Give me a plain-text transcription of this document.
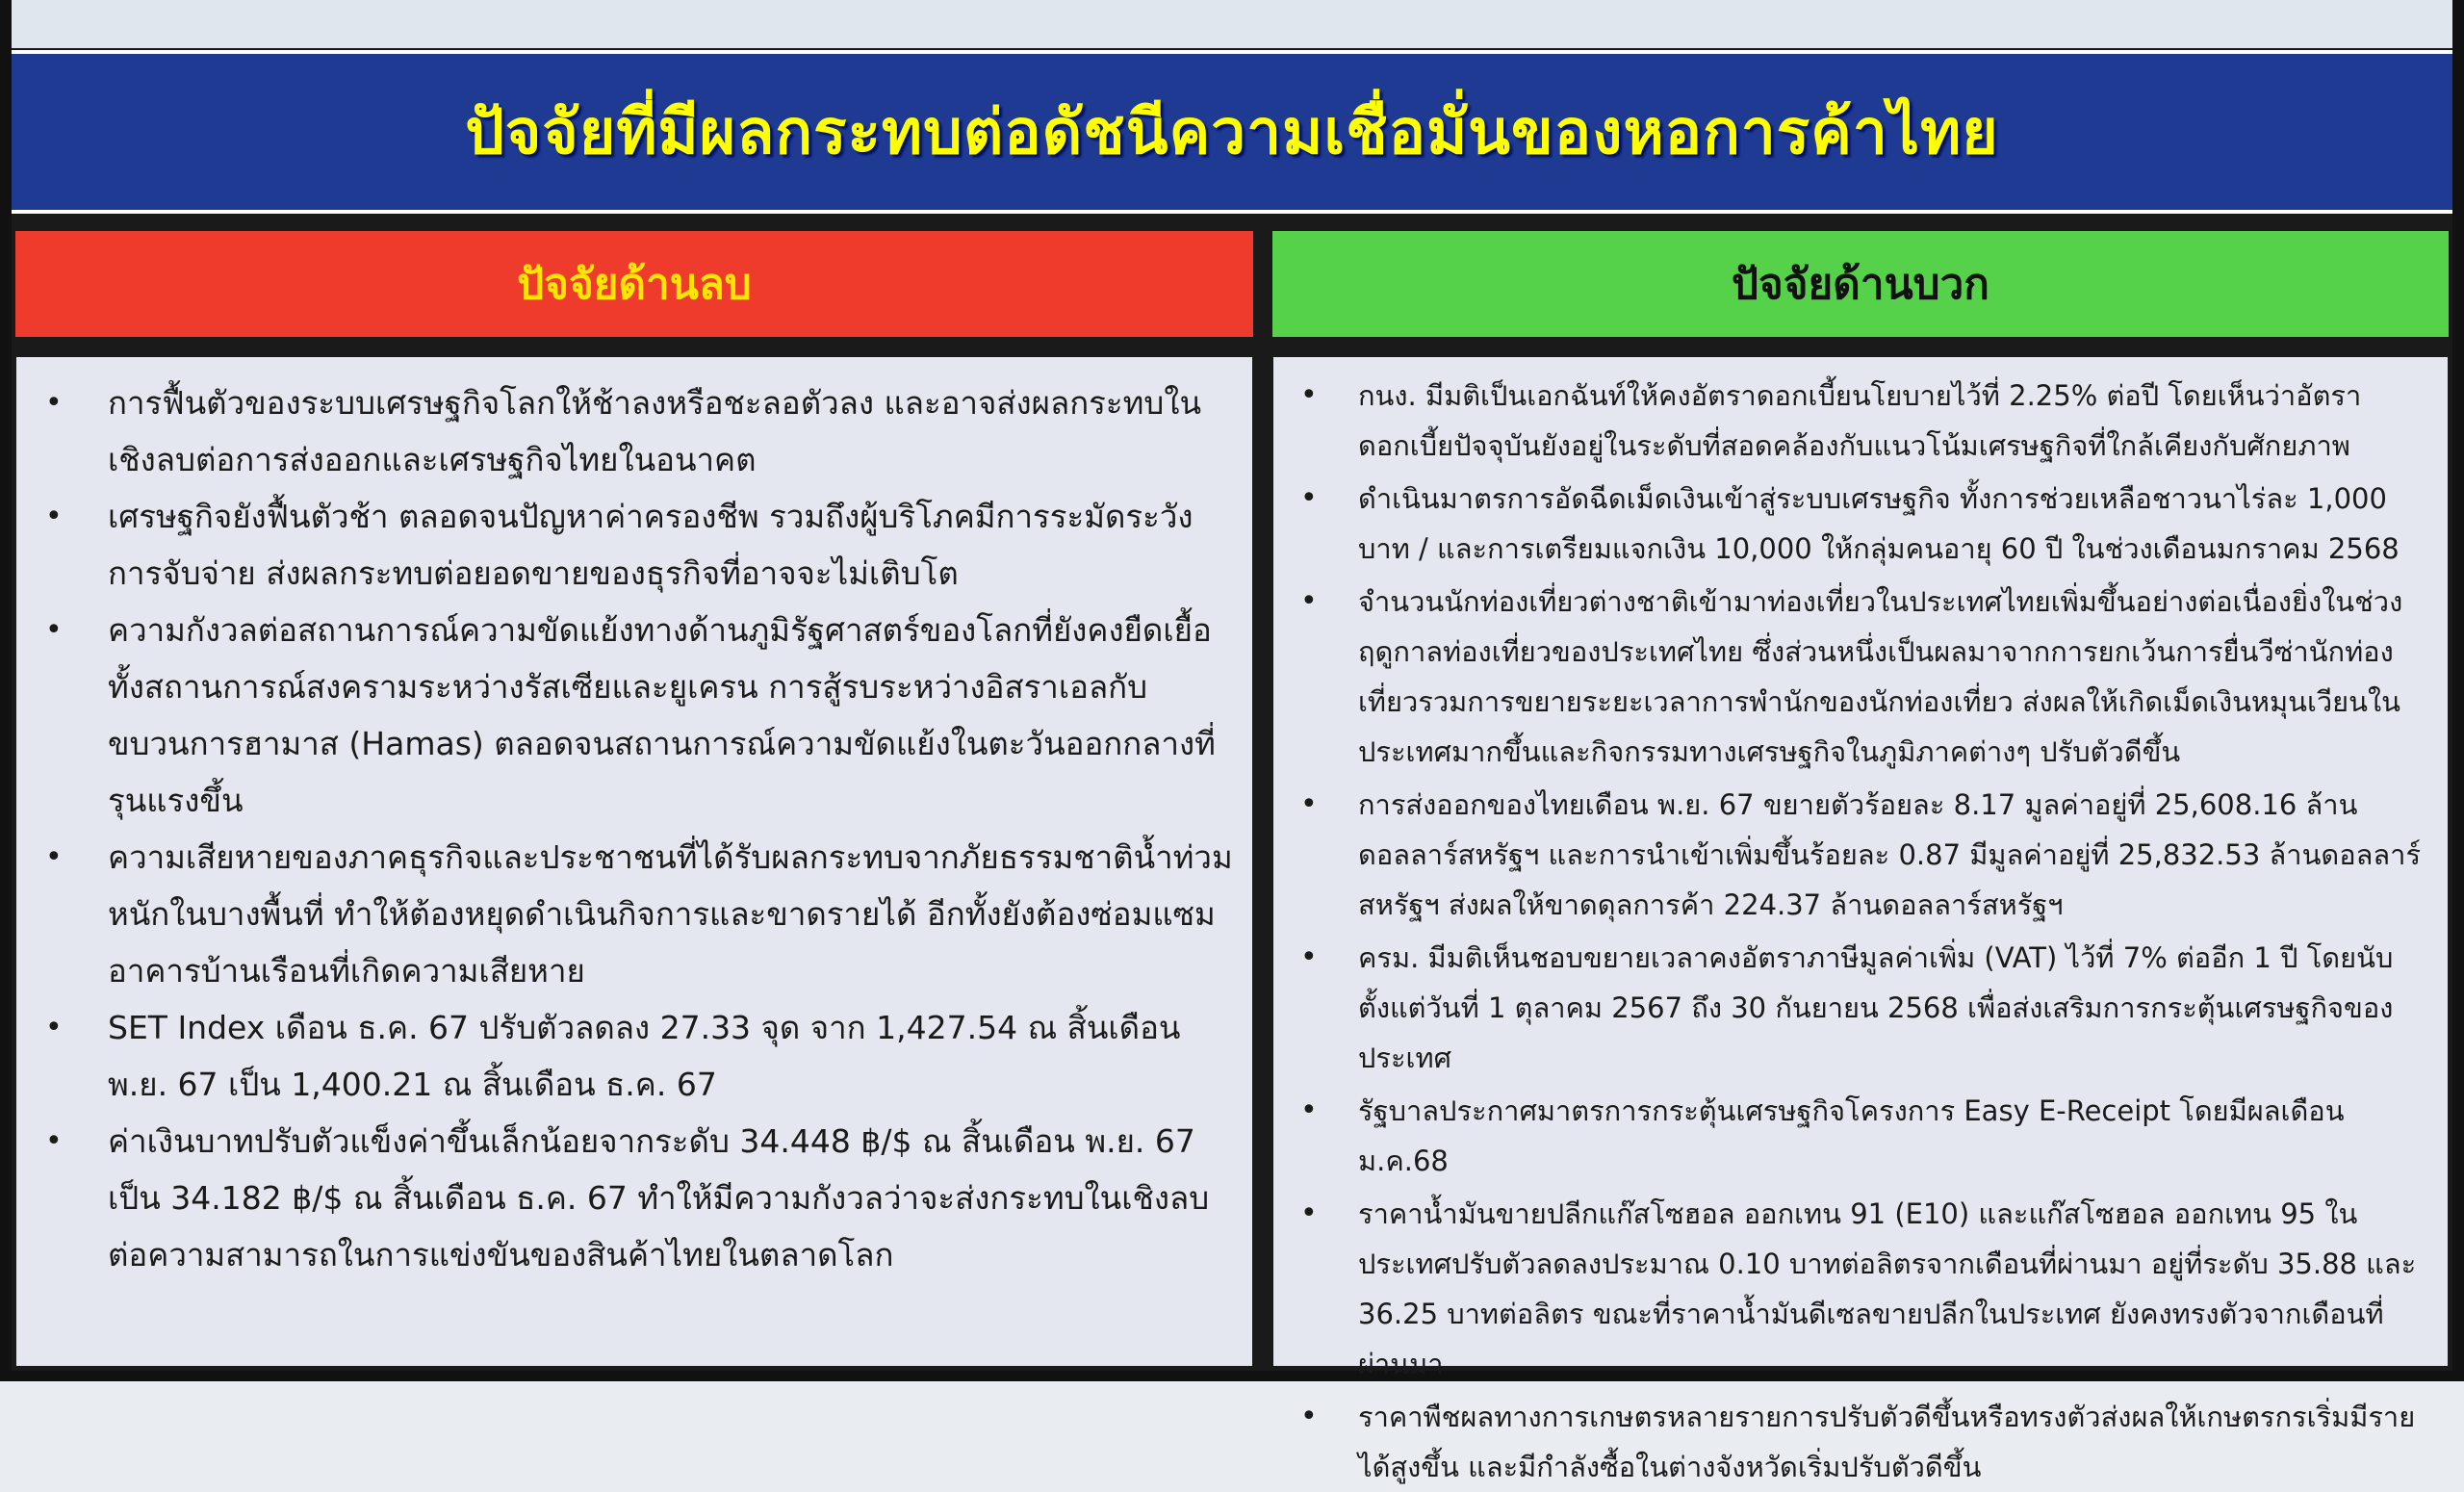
ปัจจัยที่มีผลกระทบต่อดัชนีความเชื่อมั่นของหอการค้าไทย
ปัจจัยด้านลบ	ปัจจัยด้านบวก
• การฟื้นตัวของระบบเศรษฐกิจโลกให้ช้าลงหรือชะลอตัวลง และอาจส่งผลกระทบในเชิงลบต่อการส่งออกและเศรษฐกิจไทยในอนาคต
• เศรษฐกิจยังฟื้นตัวช้า ตลอดจนปัญหาค่าครองชีพ รวมถึงผู้บริโภคมีการระมัดระวังการจับจ่าย ส่งผลกระทบต่อยอดขายของธุรกิจที่อาจจะไม่เติบโต
• ความกังวลต่อสถานการณ์ความขัดแย้งทางด้านภูมิรัฐศาสตร์ของโลกที่ยังคงยืดเยื้อ ทั้งสถานการณ์สงครามระหว่างรัสเซียและยูเครน การสู้รบระหว่างอิสราเอลกับขบวนการฮามาส (Hamas) ตลอดจนสถานการณ์ความขัดแย้งในตะวันออกกลางที่รุนแรงขึ้น
• ความเสียหายของภาคธุรกิจและประชาชนที่ได้รับผลกระทบจากภัยธรรมชาติน้ำท่วมหนักในบางพื้นที่ ทำให้ต้องหยุดดำเนินกิจการและขาดรายได้ อีกทั้งยังต้องซ่อมแซมอาคารบ้านเรือนที่เกิดความเสียหาย
• SET Index เดือน ธ.ค. 67 ปรับตัวลดลง 27.33 จุด จาก 1,427.54 ณ สิ้นเดือน พ.ย. 67 เป็น 1,400.21 ณ สิ้นเดือน ธ.ค. 67
• ค่าเงินบาทปรับตัวแข็งค่าขึ้นเล็กน้อยจากระดับ 34.448 ฿/$ ณ สิ้นเดือน พ.ย. 67 เป็น 34.182 ฿/$ ณ สิ้นเดือน ธ.ค. 67 ทำให้มีความกังวลว่าจะส่งกระทบในเชิงลบต่อความสามารถในการแข่งขันของสินค้าไทยในตลาดโลก
• กนง. มีมติเป็นเอกฉันท์ให้คงอัตราดอกเบี้ยนโยบายไว้ที่ 2.25% ต่อปี โดยเห็นว่าอัตราดอกเบี้ยปัจจุบันยังอยู่ในระดับที่สอดคล้องกับแนวโน้มเศรษฐกิจที่ใกล้เคียงกับศักยภาพ
• ดำเนินมาตรการอัดฉีดเม็ดเงินเข้าสู่ระบบเศรษฐกิจ ทั้งการช่วยเหลือชาวนาไร่ละ 1,000 บาท / และการเตรียมแจกเงิน 10,000 ให้กลุ่มคนอายุ 60 ปี ในช่วงเดือนมกราคม 2568
• จำนวนนักท่องเที่ยวต่างชาติเข้ามาท่องเที่ยวในประเทศไทยเพิ่มขึ้นอย่างต่อเนื่องยิ่งในช่วงฤดูกาลท่องเที่ยวของประเทศไทย ซึ่งส่วนหนึ่งเป็นผลมาจากการยกเว้นการยื่นวีซ่านักท่องเที่ยวรวมการขยายระยะเวลาการพำนักของนักท่องเที่ยว ส่งผลให้เกิดเม็ดเงินหมุนเวียนในประเทศมากขึ้นและกิจกรรมทางเศรษฐกิจในภูมิภาคต่างๆ ปรับตัวดีขึ้น
• การส่งออกของไทยเดือน พ.ย. 67 ขยายตัวร้อยละ 8.17 มูลค่าอยู่ที่ 25,608.16 ล้านดอลลาร์สหรัฐฯ และการนำเข้าเพิ่มขึ้นร้อยละ 0.87 มีมูลค่าอยู่ที่ 25,832.53 ล้านดอลลาร์สหรัฐฯ ส่งผลให้ขาดดุลการค้า 224.37 ล้านดอลลาร์สหรัฐฯ
• ครม. มีมติเห็นชอบขยายเวลาคงอัตราภาษีมูลค่าเพิ่ม (VAT) ไว้ที่ 7% ต่ออีก 1 ปี โดยนับตั้งแต่วันที่ 1 ตุลาคม 2567 ถึง 30 กันยายน 2568 เพื่อส่งเสริมการกระตุ้นเศรษฐกิจของประเทศ
• รัฐบาลประกาศมาตรการกระตุ้นเศรษฐกิจโครงการ Easy E-Receipt โดยมีผลเดือนม.ค.68
• ราคาน้ำมันขายปลีกแก๊สโซฮอล ออกเทน 91 (E10) และแก๊สโซฮอล ออกเทน 95 ในประเทศปรับตัวลดลงประมาณ 0.10 บาทต่อลิตรจากเดือนที่ผ่านมา อยู่ที่ระดับ 35.88 และ 36.25 บาทต่อลิตร ขณะที่ราคาน้ำมันดีเซลขายปลีกในประเทศ ยังคงทรงตัวจากเดือนที่ผ่านมา
• ราคาพืชผลทางการเกษตรหลายรายการปรับตัวดีขึ้นหรือทรงตัวส่งผลให้เกษตรกรเริ่มมีรายได้สูงขึ้น และมีกำลังซื้อในต่างจังหวัดเริ่มปรับตัวดีขึ้น
